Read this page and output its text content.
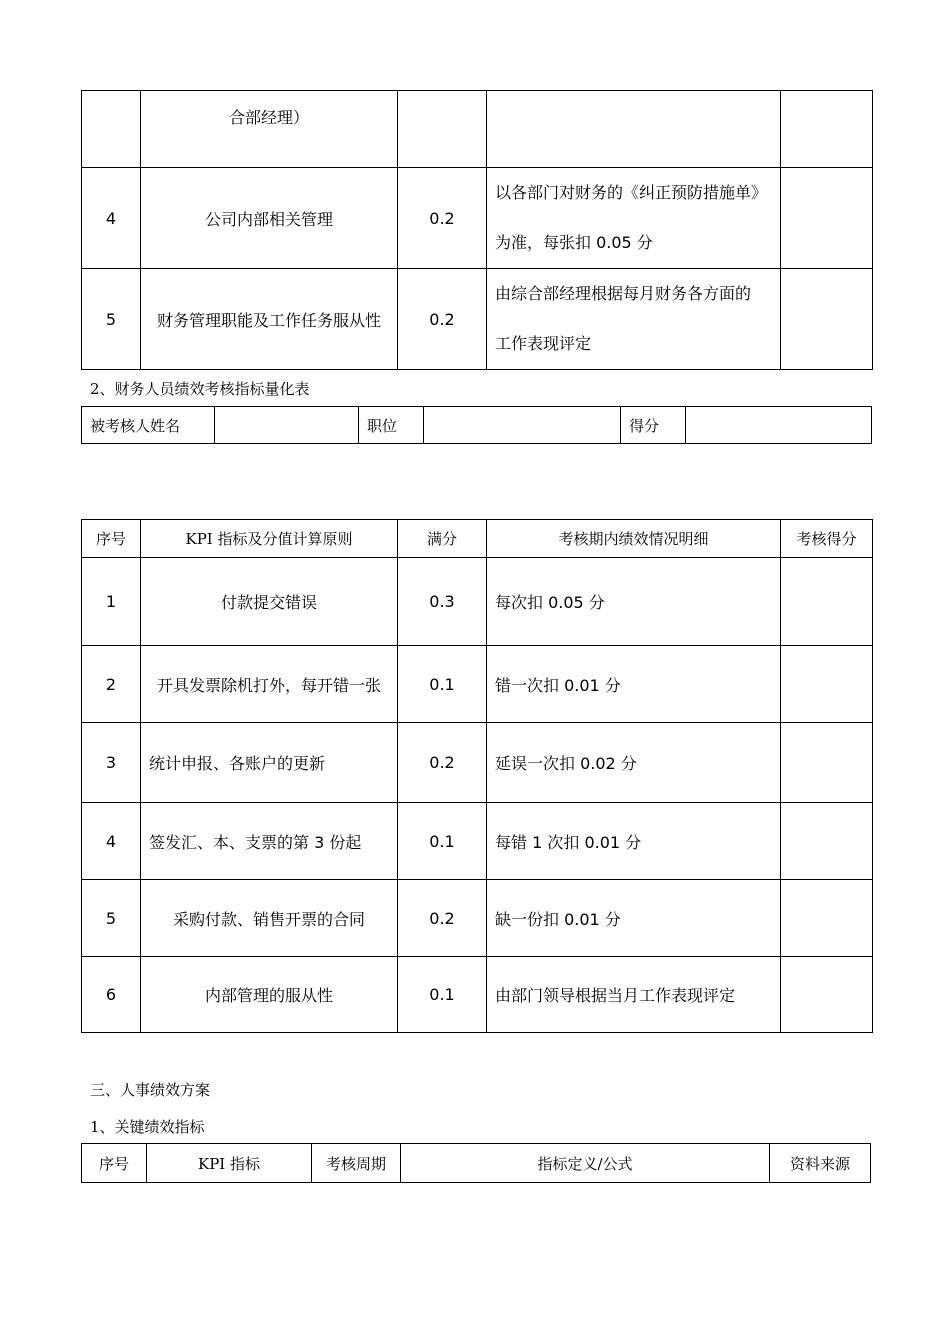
	合部经理）			
4	公司内部相关管理	0.2	以各部门对财务的《纠正预防措施单》
为准，每张扣 0.05 分	

5	财务管理职能及工作任务服从性	0.2	由综合部经理根据每月财务各方面的
工作表现评定	

2、财务人员绩效考核指标量化表
被考核人姓名		职位		得分	
序号	KPI 指标及分值计算原则	满分	考核期内绩效情况明细	考核得分
1	付款提交错误	0.3	每次扣 0.05 分	
2	开具发票除机打外，每开错一张	0.1	错一次扣 0.01 分	
3	统计申报、各账户的更新	0.2	延误一次扣 0.02 分	
4	签发汇、本、支票的第 3 份起	0.1	每错 1 次扣 0.01 分	
5	采购付款、销售开票的合同	0.2	缺一份扣 0.01 分	
6	内部管理的服从性	0.1	由部门领导根据当月工作表现评定	
三、人事绩效方案
1、关键绩效指标
序号	KPI 指标	考核周期	指标定义/公式	资料来源
